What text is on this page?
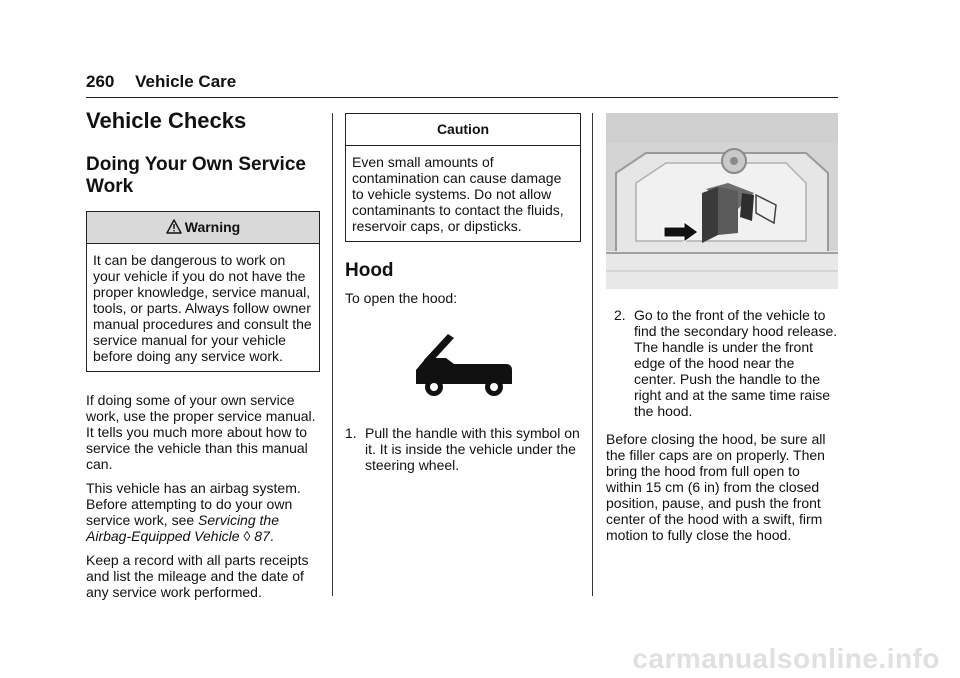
260 Vehicle Care
Vehicle Checks
Doing Your Own Service Work
Warning
It can be dangerous to work on your vehicle if you do not have the proper knowledge, service manual, tools, or parts. Always follow owner manual procedures and consult the service manual for your vehicle before doing any service work.

If doing some of your own service work, use the proper service manual. It tells you much more about how to service the vehicle than this manual can.

This vehicle has an airbag system. Before attempting to do your own service work, see Servicing the Airbag-Equipped Vehicle ◊ 87.

Keep a record with all parts receipts and list the mileage and the date of any service work performed.

Caution
Even small amounts of contamination can cause damage to vehicle systems. Do not allow contaminants to contact the fluids, reservoir caps, or dipsticks.
Hood

To open the hood:

1. Pull the handle with this symbol on it. It is inside the vehicle under the steering wheel.
2. Go to the front of the vehicle to find the secondary hood release. The handle is under the front edge of the hood near the center. Push the handle to the right and at the same time raise the hood.

Before closing the hood, be sure all the filler caps are on properly. Then bring the hood from full open to within 15 cm (6 in) from the closed position, pause, and push the front center of the hood with a swift, firm motion to fully close the hood.

carmanualsonline.info
